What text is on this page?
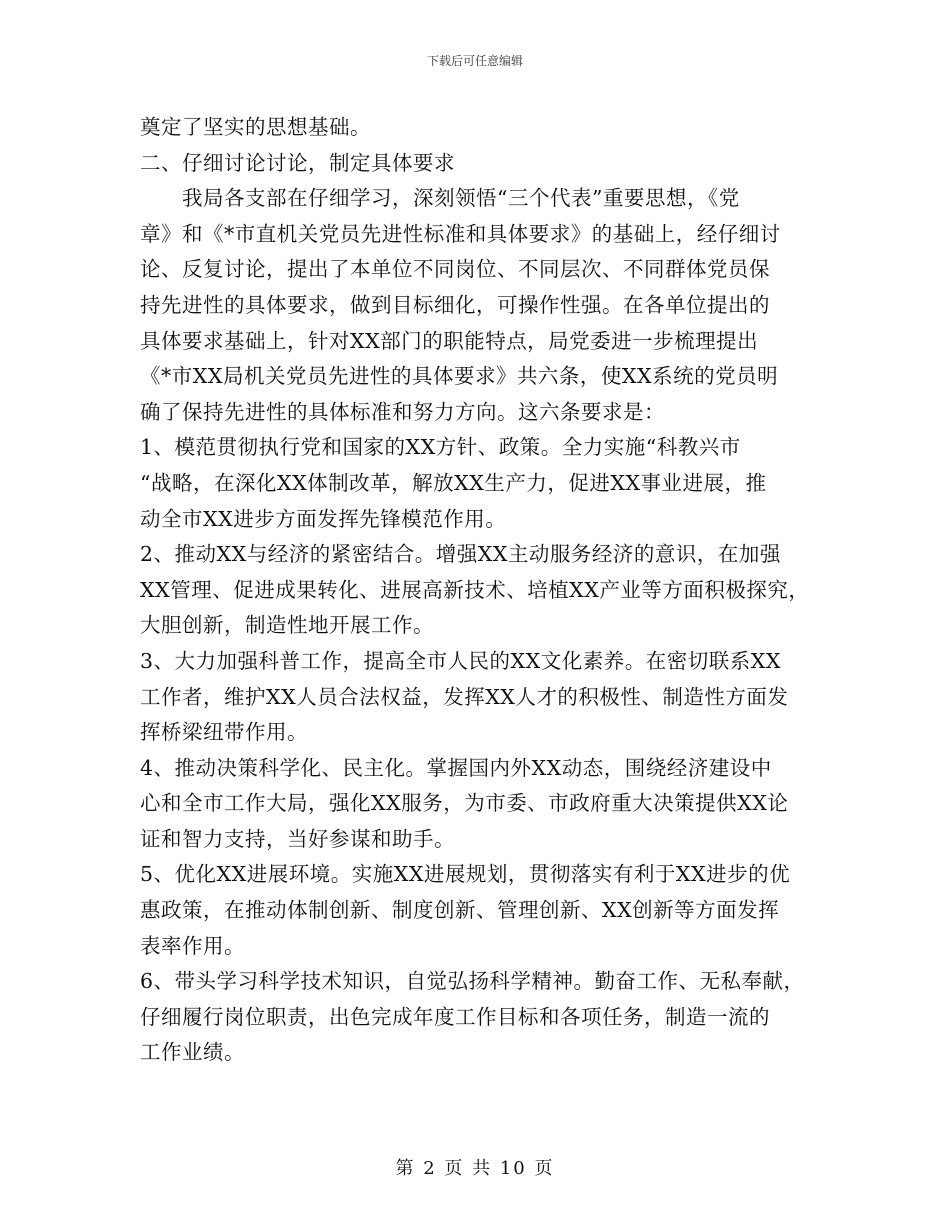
下载后可任意编辑
奠定了坚实的思想基础。
二、仔细讨论讨论，制定具体要求
　　我局各支部在仔细学习，深刻领悟“三个代表”重要思想，《党
章》和《*市直机关党员先进性标准和具体要求》的基础上，经仔细讨
论、反复讨论，提出了本单位不同岗位、不同层次、不同群体党员保
持先进性的具体要求，做到目标细化，可操作性强。在各单位提出的
具体要求基础上，针对XX部门的职能特点，局党委进一步梳理提出
《*市XX局机关党员先进性的具体要求》共六条，使XX系统的党员明
确了保持先进性的具体标准和努力方向。这六条要求是：
1、模范贯彻执行党和国家的XX方针、政策。全力实施“科教兴市
“战略，在深化XX体制改革，解放XX生产力，促进XX事业进展，推
动全市XX进步方面发挥先锋模范作用。
2、推动XX与经济的紧密结合。增强XX主动服务经济的意识，在加强
XX管理、促进成果转化、进展高新技术、培植XX产业等方面积极探究，
大胆创新，制造性地开展工作。
3、大力加强科普工作，提高全市人民的XX文化素养。在密切联系XX
工作者，维护XX人员合法权益，发挥XX人才的积极性、制造性方面发
挥桥梁纽带作用。
4、推动决策科学化、民主化。掌握国内外XX动态，围绕经济建设中
心和全市工作大局，强化XX服务，为市委、市政府重大决策提供XX论
证和智力支持，当好参谋和助手。
5、优化XX进展环境。实施XX进展规划，贯彻落实有利于XX进步的优
惠政策，在推动体制创新、制度创新、管理创新、XX创新等方面发挥
表率作用。
6、带头学习科学技术知识，自觉弘扬科学精神。勤奋工作、无私奉献，
仔细履行岗位职责，出色完成年度工作目标和各项任务，制造一流的
工作业绩。
第 2 页 共 10 页
